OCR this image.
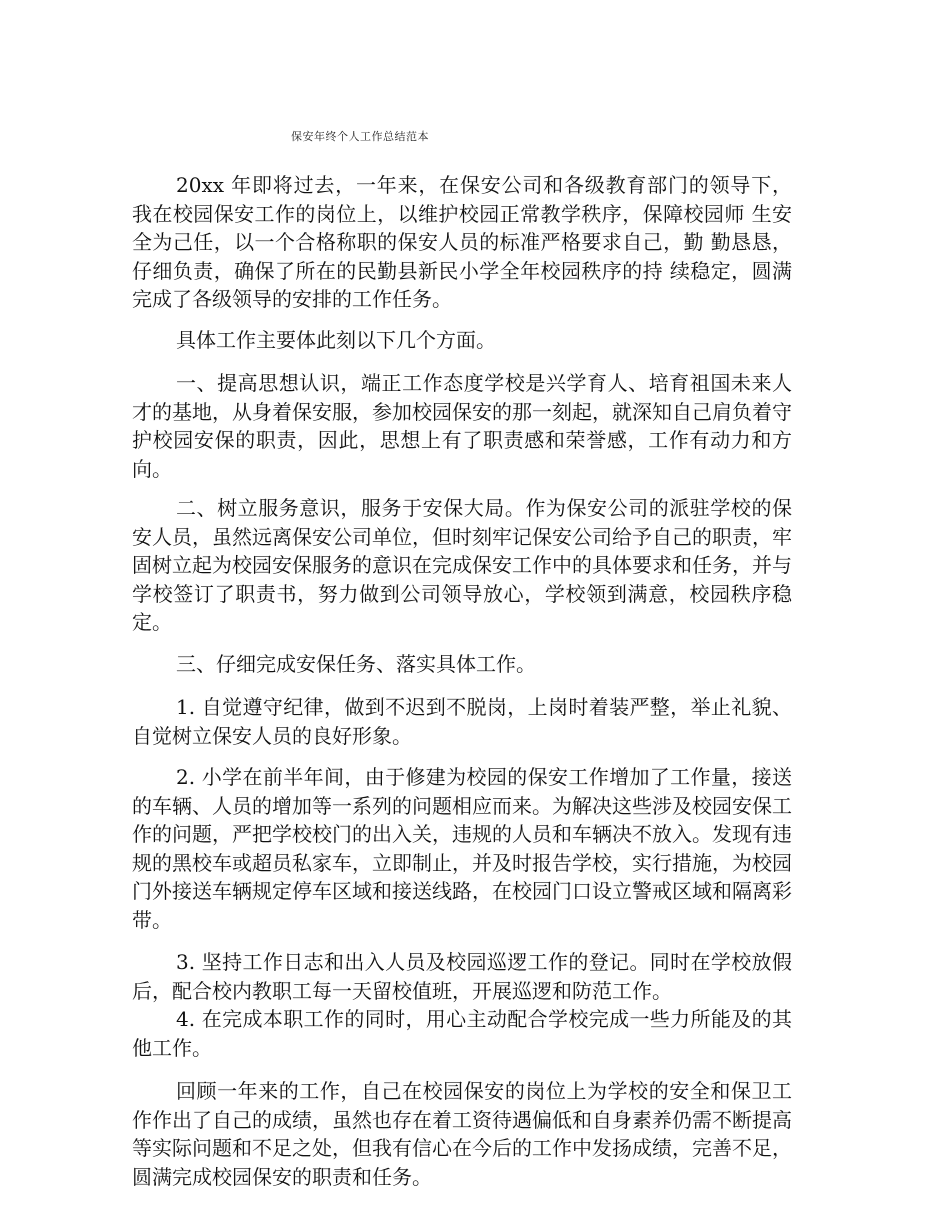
保安年终个人工作总结范本

20xx 年即将过去，一年来，在保安公司和各级教育部门的领导下， 我在校园保安工作的岗位上，以维护校园正常教学秩序，保障校园师 生安全为己任，以一个合格称职的保安人员的标准严格要求自己，勤 勤恳恳，仔细负责，确保了所在的民勤县新民小学全年校园秩序的持 续稳定，圆满完成了各级领导的安排的工作任务。

具体工作主要体此刻以下几个方面。

一、提高思想认识，端正工作态度学校是兴学育人、培育祖国未来人才的基地，从身着保安服，参加校园保安的那一刻起，就深知自己肩负着守护校园安保的职责，因此，思想上有了职责感和荣誉感，工作有动力和方向。

二、树立服务意识，服务于安保大局。作为保安公司的派驻学校的保安人员，虽然远离保安公司单位，但时刻牢记保安公司给予自己的职责，牢固树立起为校园安保服务的意识在完成保安工作中的具体要求和任务，并与学校签订了职责书，努力做到公司领导放心，学校领到满意，校园秩序稳定。

三、仔细完成安保任务、落实具体工作。

1. 自觉遵守纪律，做到不迟到不脱岗，上岗时着装严整，举止礼貌、自觉树立保安人员的良好形象。

2. 小学在前半年间，由于修建为校园的保安工作增加了工作量，接送的车辆、人员的增加等一系列的问题相应而来。为解决这些涉及校园安保工作的问题，严把学校校门的出入关，违规的人员和车辆决不放入。发现有违规的黑校车或超员私家车，立即制止，并及时报告学校，实行措施，为校园门外接送车辆规定停车区域和接送线路，在校园门口设立警戒区域和隔离彩带。

3. 坚持工作日志和出入人员及校园巡逻工作的登记。同时在学校放假后，配合校内教职工每一天留校值班，开展巡逻和防范工作。

4. 在完成本职工作的同时，用心主动配合学校完成一些力所能及的其他工作。

回顾一年来的工作，自己在校园保安的岗位上为学校的安全和保卫工作作出了自己的成绩，虽然也存在着工资待遇偏低和自身素养仍需不断提高等实际问题和不足之处，但我有信心在今后的工作中发扬成绩，完善不足，圆满完成校园保安的职责和任务。
